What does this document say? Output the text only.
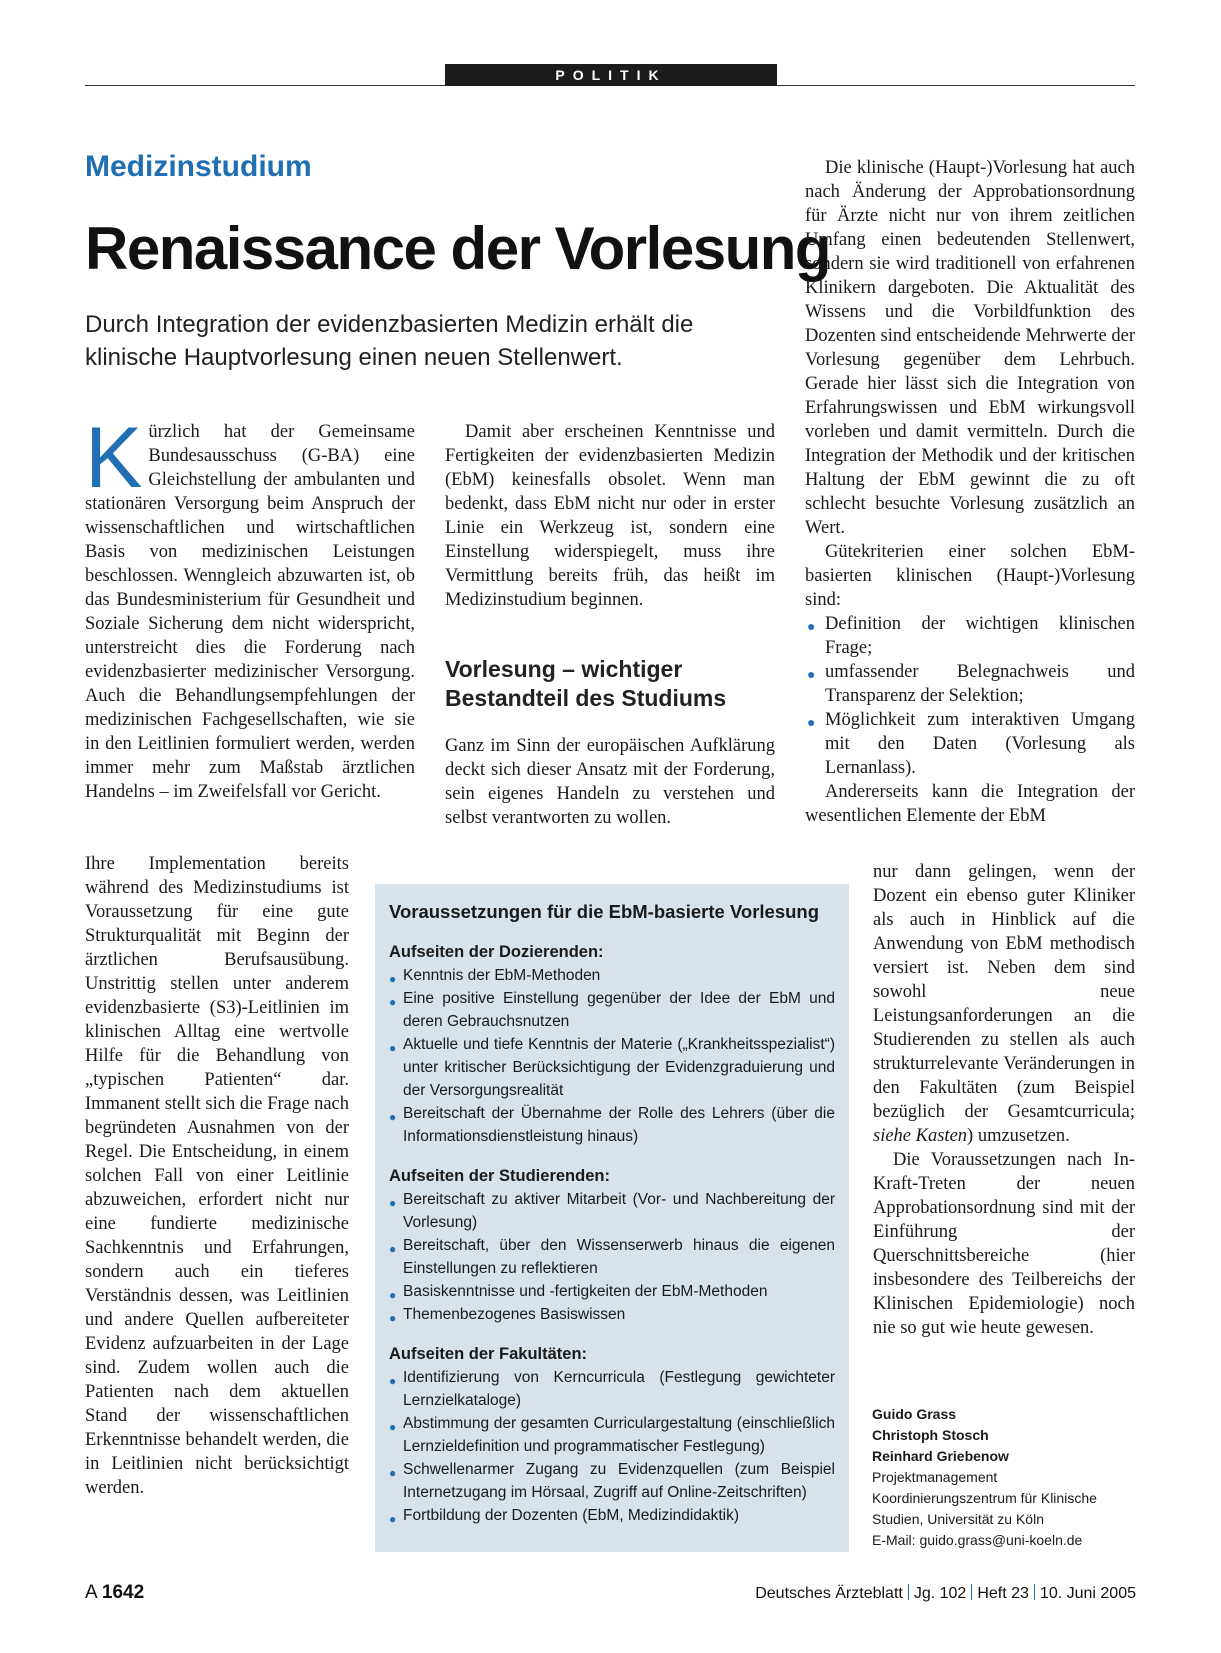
POLITIK
Medizinstudium
Renaissance der Vorlesung
Durch Integration der evidenzbasierten Medizin erhält die klinische Hauptvorlesung einen neuen Stellenwert.

Kürzlich hat der Gemeinsame Bundesausschuss (G-BA) eine Gleichstellung der ambulanten und stationären Versorgung beim Anspruch der wissenschaftlichen und wirtschaftlichen Basis von medizinischen Leistungen beschlossen. Wenngleich abzuwarten ist, ob das Bundesministerium für Gesundheit und Soziale Sicherung dem nicht widerspricht, unterstreicht dies die Forderung nach evidenzbasierter medizinischer Versorgung. Auch die Behandlungsempfehlungen der medizinischen Fachgesellschaften, wie sie in den Leitlinien formuliert werden, werden immer mehr zum Maßstab ärztlichen Handelns – im Zweifelsfall vor Gericht.

Ihre Implementation bereits während des Medizinstudiums ist Voraussetzung für eine gute Strukturqualität mit Beginn der ärztlichen Berufsausübung. Unstrittig stellen unter anderem evidenzbasierte (S3)-Leitlinien im klinischen Alltag eine wertvolle Hilfe für die Behandlung von „typischen Patienten“ dar. Immanent stellt sich die Frage nach begründeten Ausnahmen von der Regel. Die Entscheidung, in einem solchen Fall von einer Leitlinie abzuweichen, erfordert nicht nur eine fundierte medizinische Sachkenntnis und Erfahrungen, sondern auch ein tieferes Verständnis dessen, was Leitlinien und andere Quellen aufbereiteter Evidenz aufzuarbeiten in der Lage sind. Zudem wollen auch die Patienten nach dem aktuellen Stand der wissenschaftlichen Erkenntnisse behandelt werden, die in Leitlinien nicht berücksichtigt werden.

Damit aber erscheinen Kenntnisse und Fertigkeiten der evidenzbasierten Medizin (EbM) keinesfalls obsolet. Wenn man bedenkt, dass EbM nicht nur oder in erster Linie ein Werkzeug ist, sondern eine Einstellung widerspiegelt, muss ihre Vermittlung bereits früh, das heißt im Medizinstudium beginnen.

Vorlesung – wichtiger Bestandteil des Studiums

Ganz im Sinn der europäischen Aufklärung deckt sich dieser Ansatz mit der Forderung, sein eigenes Handeln zu verstehen und selbst verantworten zu wollen.

Die klinische (Haupt-)Vorlesung hat auch nach Änderung der Approbationsordnung für Ärzte nicht nur von ihrem zeitlichen Umfang einen bedeutenden Stellenwert, sondern sie wird traditionell von erfahrenen Klinikern dargeboten. Die Aktualität des Wissens und die Vorbildfunktion des Dozenten sind entscheidende Mehrwerte der Vorlesung gegenüber dem Lehrbuch. Gerade hier lässt sich die Integration von Erfahrungswissen und EbM wirkungsvoll vorleben und damit vermitteln. Durch die Integration der Methodik und der kritischen Haltung der EbM gewinnt die zu oft schlecht besuchte Vorlesung zusätzlich an Wert.

Gütekriterien einer solchen EbM-basierten klinischen (Haupt-)Vorlesung sind:

● Definition der wichtigen klinischen Frage;
● umfassender Belegnachweis und Transparenz der Selektion;
● Möglichkeit zum interaktiven Umgang mit den Daten (Vorlesung als Lernanlass).

Andererseits kann die Integration der wesentlichen Elemente der EbM

nur dann gelingen, wenn der Dozent ein ebenso guter Kliniker als auch in Hinblick auf die Anwendung von EbM methodisch versiert ist. Neben dem sind sowohl neue Leistungsanforderungen an die Studierenden zu stellen als auch strukturrelevante Veränderungen in den Fakultäten (zum Beispiel bezüglich der Gesamtcurricula; siehe Kasten) umzusetzen.

Die Voraussetzungen nach In-Kraft-Treten der neuen Approbationsordnung sind mit der Einführung der Querschnittsbereiche (hier insbesondere des Teilbereichs der Klinischen Epidemiologie) noch nie so gut wie heute gewesen.

Voraussetzungen für die EbM-basierte Vorlesung
Aufseiten der Dozierenden:
● Kenntnis der EbM-Methoden
● Eine positive Einstellung gegenüber der Idee der EbM und deren Gebrauchsnutzen
● Aktuelle und tiefe Kenntnis der Materie („Krankheitsspezialist“) unter kritischer Berücksichtigung der Evidenzgraduierung und der Versorgungsrealität
● Bereitschaft der Übernahme der Rolle des Lehrers (über die Informationsdienstleistung hinaus)
Aufseiten der Studierenden:
● Bereitschaft zu aktiver Mitarbeit (Vor- und Nachbereitung der Vorlesung)
● Bereitschaft, über den Wissenserwerb hinaus die eigenen Einstellungen zu reflektieren
● Basiskenntnisse und -fertigkeiten der EbM-Methoden
● Themenbezogenes Basiswissen
Aufseiten der Fakultäten:
● Identifizierung von Kerncurricula (Festlegung gewichteter Lernzielkataloge)
● Abstimmung der gesamten Curriculargestaltung (einschließlich Lernzieldefinition und programmatischer Festlegung)
● Schwellenarmer Zugang zu Evidenzquellen (zum Beispiel Internetzugang im Hörsaal, Zugriff auf Online-Zeitschriften)
● Fortbildung der Dozenten (EbM, Medizindidaktik)
Guido Grass
Christoph Stosch
Reinhard Griebenow
Projektmanagement
Koordinierungszentrum für Klinische
Studien, Universität zu Köln
E-Mail: guido.grass@uni-koeln.de
A 1642	Deutsches Ärzteblatt Jg. 102 Heft 23 10. Juni 2005
